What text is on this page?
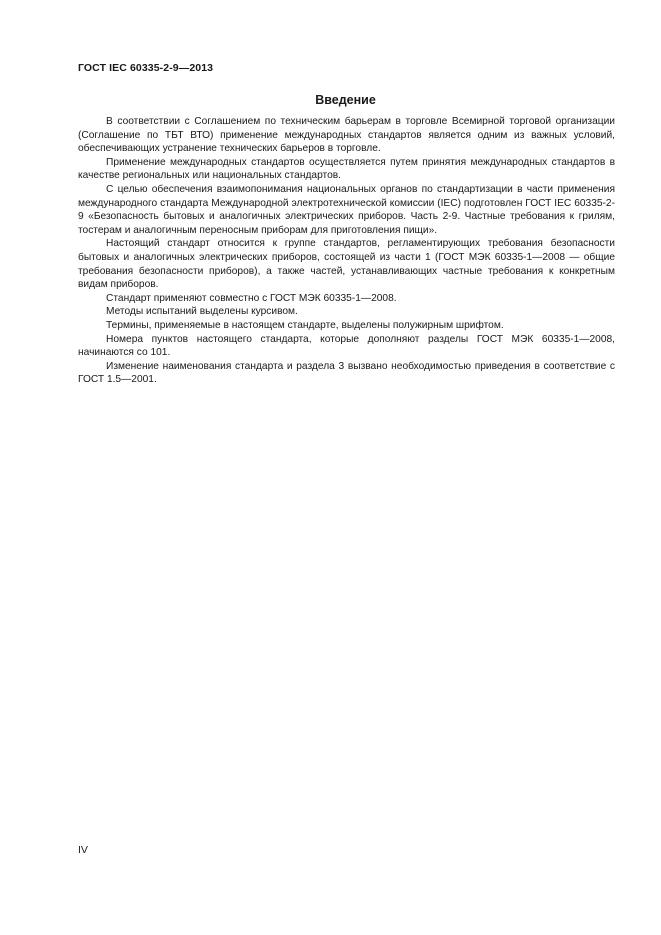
ГОСТ IEC 60335-2-9—2013
Введение

В соответствии с Соглашением по техническим барьерам в торговле Всемирной торговой организации (Соглашение по ТБТ ВТО) применение международных стандартов является одним из важных условий, обеспечивающих устранение технических барьеров в торговле.

Применение международных стандартов осуществляется путем принятия международных стандартов в качестве региональных или национальных стандартов.

С целью обеспечения взаимопонимания национальных органов по стандартизации в части применения международного стандарта Международной электротехнической комиссии (IEC) подготовлен ГОСТ IEC 60335-2-9 «Безопасность бытовых и аналогичных электрических приборов. Часть 2-9. Частные требования к грилям, тостерам и аналогичным переносным приборам для приготовления пищи».

Настоящий стандарт относится к группе стандартов, регламентирующих требования безопасности бытовых и аналогичных электрических приборов, состоящей из части 1 (ГОСТ МЭК 60335-1—2008 — общие требования безопасности приборов), а также частей, устанавливающих частные требования к конкретным видам приборов.

Стандарт применяют совместно с ГОСТ МЭК 60335-1—2008.

Методы испытаний выделены курсивом.

Термины, применяемые в настоящем стандарте, выделены полужирным шрифтом.

Номера пунктов настоящего стандарта, которые дополняют разделы ГОСТ МЭК 60335-1—2008, начинаются со 101.

Изменение наименования стандарта и раздела 3 вызвано необходимостью приведения в соответствие с ГОСТ 1.5—2001.

IV
